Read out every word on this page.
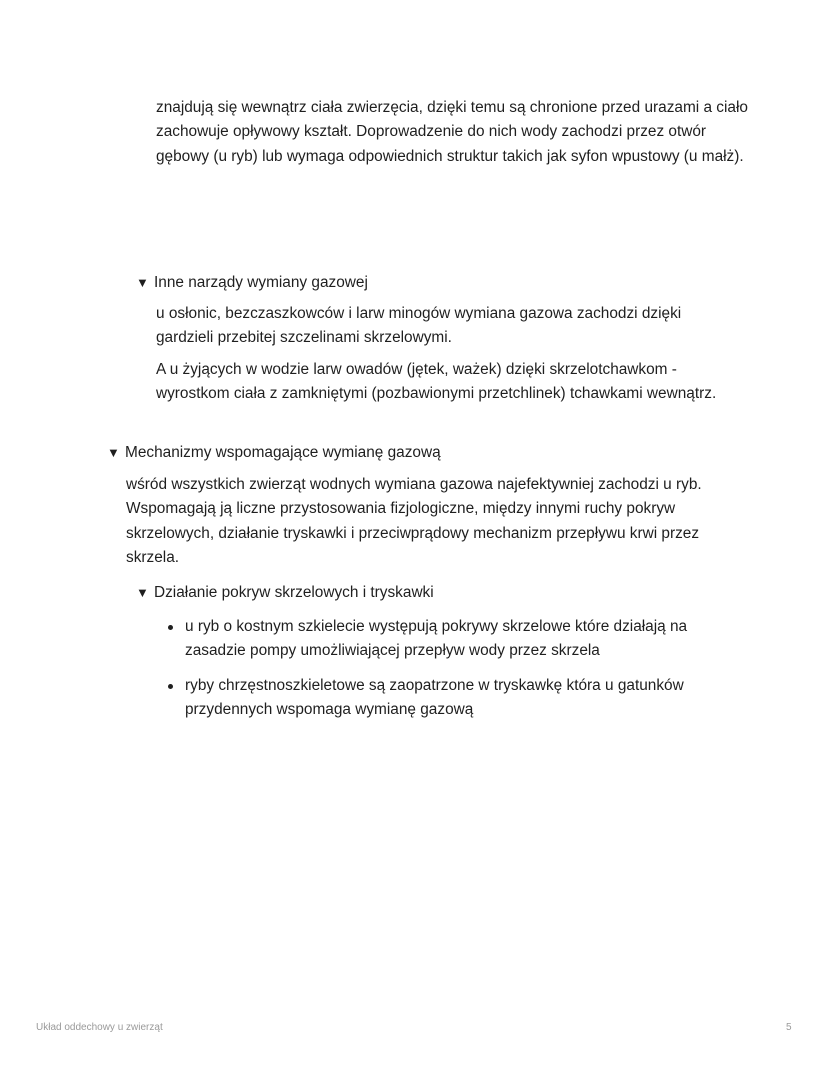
znajdują się wewnątrz ciała zwierzęcia, dzięki temu są chronione przed urazami a ciało zachowuje opływowy kształt. Doprowadzenie do nich wody zachodzi przez otwór gębowy (u ryb) lub wymaga odpowiednich struktur takich jak syfon wpustowy (u małż).

▼ Inne narządy wymiany gazowej

u osłonic, bezczaszkowców i larw minogów wymiana gazowa zachodzi dzięki gardzieli przebitej szczelinami skrzelowymi.

A u żyjących w wodzie larw owadów (jętek, ważek) dzięki skrzelotchawkom - wyrostkom ciała z zamkniętymi (pozbawionymi przetchlinek) tchawkami wewnątrz.

▼ Mechanizmy wspomagające wymianę gazową

wśród wszystkich zwierząt wodnych wymiana gazowa najefektywniej zachodzi u ryb. Wspomagają ją liczne przystosowania fizjologiczne, między innymi ruchy pokryw skrzelowych, działanie tryskawki i przeciwprądowy mechanizm przepływu krwi przez skrzela.

▼ Działanie pokryw skrzelowych i tryskawki
u ryb o kostnym szkielecie występują pokrywy skrzelowe które działają na zasadzie pompy umożliwiającej przepływ wody przez skrzela
ryby chrzęstnoszkieletowe są zaopatrzone w tryskawkę która u gatunków przydennych wspomaga wymianę gazową
Układ oddechowy u zwierząt	5
